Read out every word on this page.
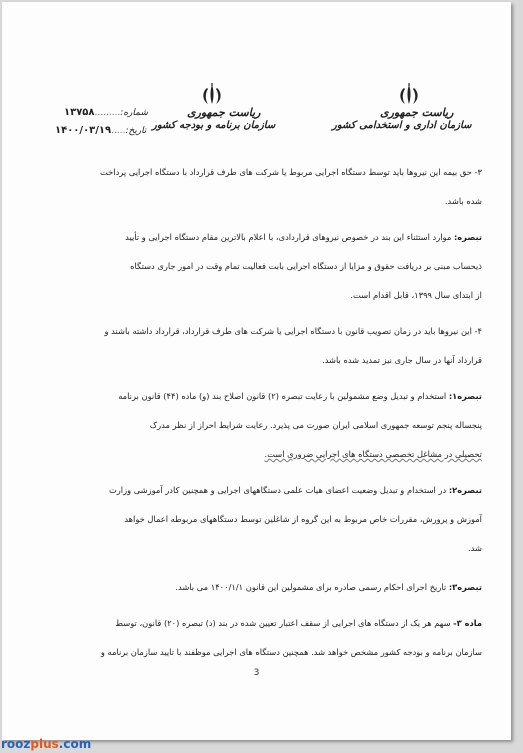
ریاست جمهوری
سازمان اداری و استخدامی کشور
ریاست جمهوری
سازمان برنامه و بودجه کشور
شماره:.........۱۳۷۵۸
تاریخ:.....۱۴۰۰/۰۳/۱۹
۳- حق بیمه این نیروها باید توسط دستگاه اجرایی مربوط یا شرکت های طرف قرارداد با دستگاه اجرایی پرداخت
شده باشد.
تبصره: موارد استثناء این بند در خصوص نیروهای قراردادی، با اعلام بالاترین مقام دستگاه اجرایی و تأیید
ذیحساب مبنی بر دریافت حقوق و مزایا از دستگاه اجرایی بابت فعالیت تمام وقت در امور جاری دستگاه
از ابتدای سال ۱۳۹۹، قابل اقدام است.
۴- این نیروها باید در زمان تصویب قانون با دستگاه اجرایی یا شرکت های طرف قرارداد، قرارداد داشته باشند و
قرارداد آنها در سال جاری نیز تمدید شده باشد.
تبصره۱: استخدام و تبدیل وضع مشمولین با رعایت تبصره (۲) قانون اصلاح بند (و) ماده (۴۴) قانون برنامه
پنجساله پنجم توسعه جمهوری اسلامی ایران صورت می پذیرد. رعایت شرایط احراز از نظر مدرک
تحصیلی در مشاغل تخصصی دستگاه های اجرایی ضروری است.
تبصره۲: در استخدام و تبدیل وضعیت اعضای هیات علمی دستگاههای اجرایی و همچنین کادر آموزشی وزارت
آموزش و پرورش، مقررات خاص مربوط به این گروه از شاغلین توسط دستگاههای مربوطه اعمال خواهد
شد.
تبصره۳: تاریخ اجرای احکام رسمی صادره برای مشمولین این قانون ۱۴۰۰/۱/۱ می باشد.
ماده ۳- سهم هر یک از دستگاه های اجرایی از سقف اعتبار تعیین شده در بند (د) تبصره (۲۰) قانون، توسط
سازمان برنامه و بودجه کشور مشخص خواهد شد. همچنین دستگاه های اجرایی موظفند با تایید سازمان برنامه و
3
roozplus.com
